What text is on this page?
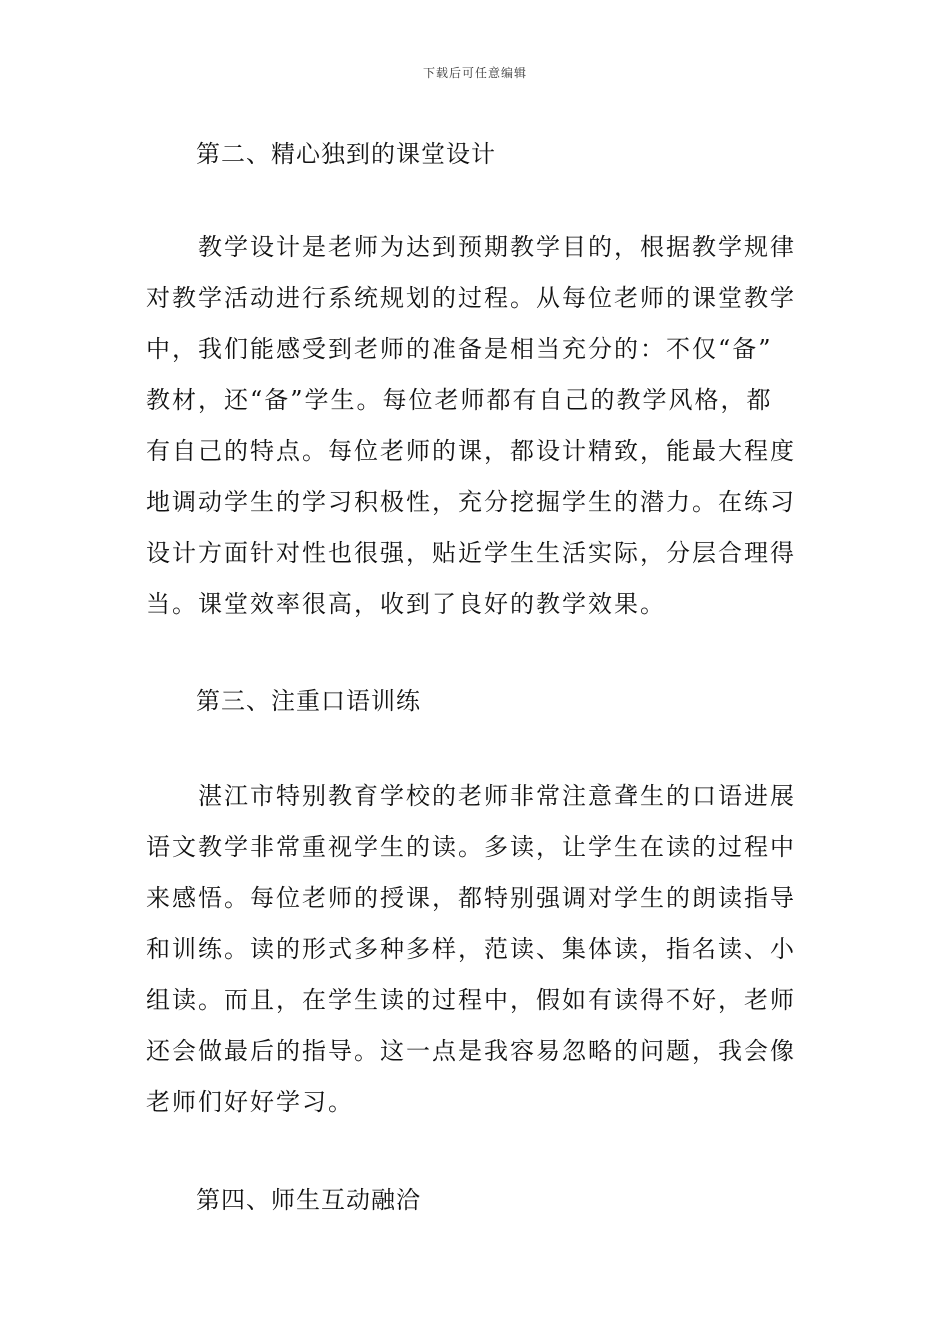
下载后可任意编辑
第二、精心独到的课堂设计
　　教学设计是老师为达到预期教学目的，根据教学规律
对教学活动进行系统规划的过程。从每位老师的课堂教学
中，我们能感受到老师的准备是相当充分的：不仅“备”
教材，还“备”学生。每位老师都有自己的教学风格，都
有自己的特点。每位老师的课，都设计精致，能最大程度
地调动学生的学习积极性，充分挖掘学生的潜力。在练习
设计方面针对性也很强，贴近学生生活实际，分层合理得
当。课堂效率很高，收到了良好的教学效果。
第三、注重口语训练
　　湛江市特别教育学校的老师非常注意聋生的口语进展
语文教学非常重视学生的读。多读，让学生在读的过程中
来感悟。每位老师的授课，都特别强调对学生的朗读指导
和训练。读的形式多种多样，范读、集体读，指名读、小
组读。而且，在学生读的过程中，假如有读得不好，老师
还会做最后的指导。这一点是我容易忽略的问题，我会像
老师们好好学习。
第四、师生互动融洽
